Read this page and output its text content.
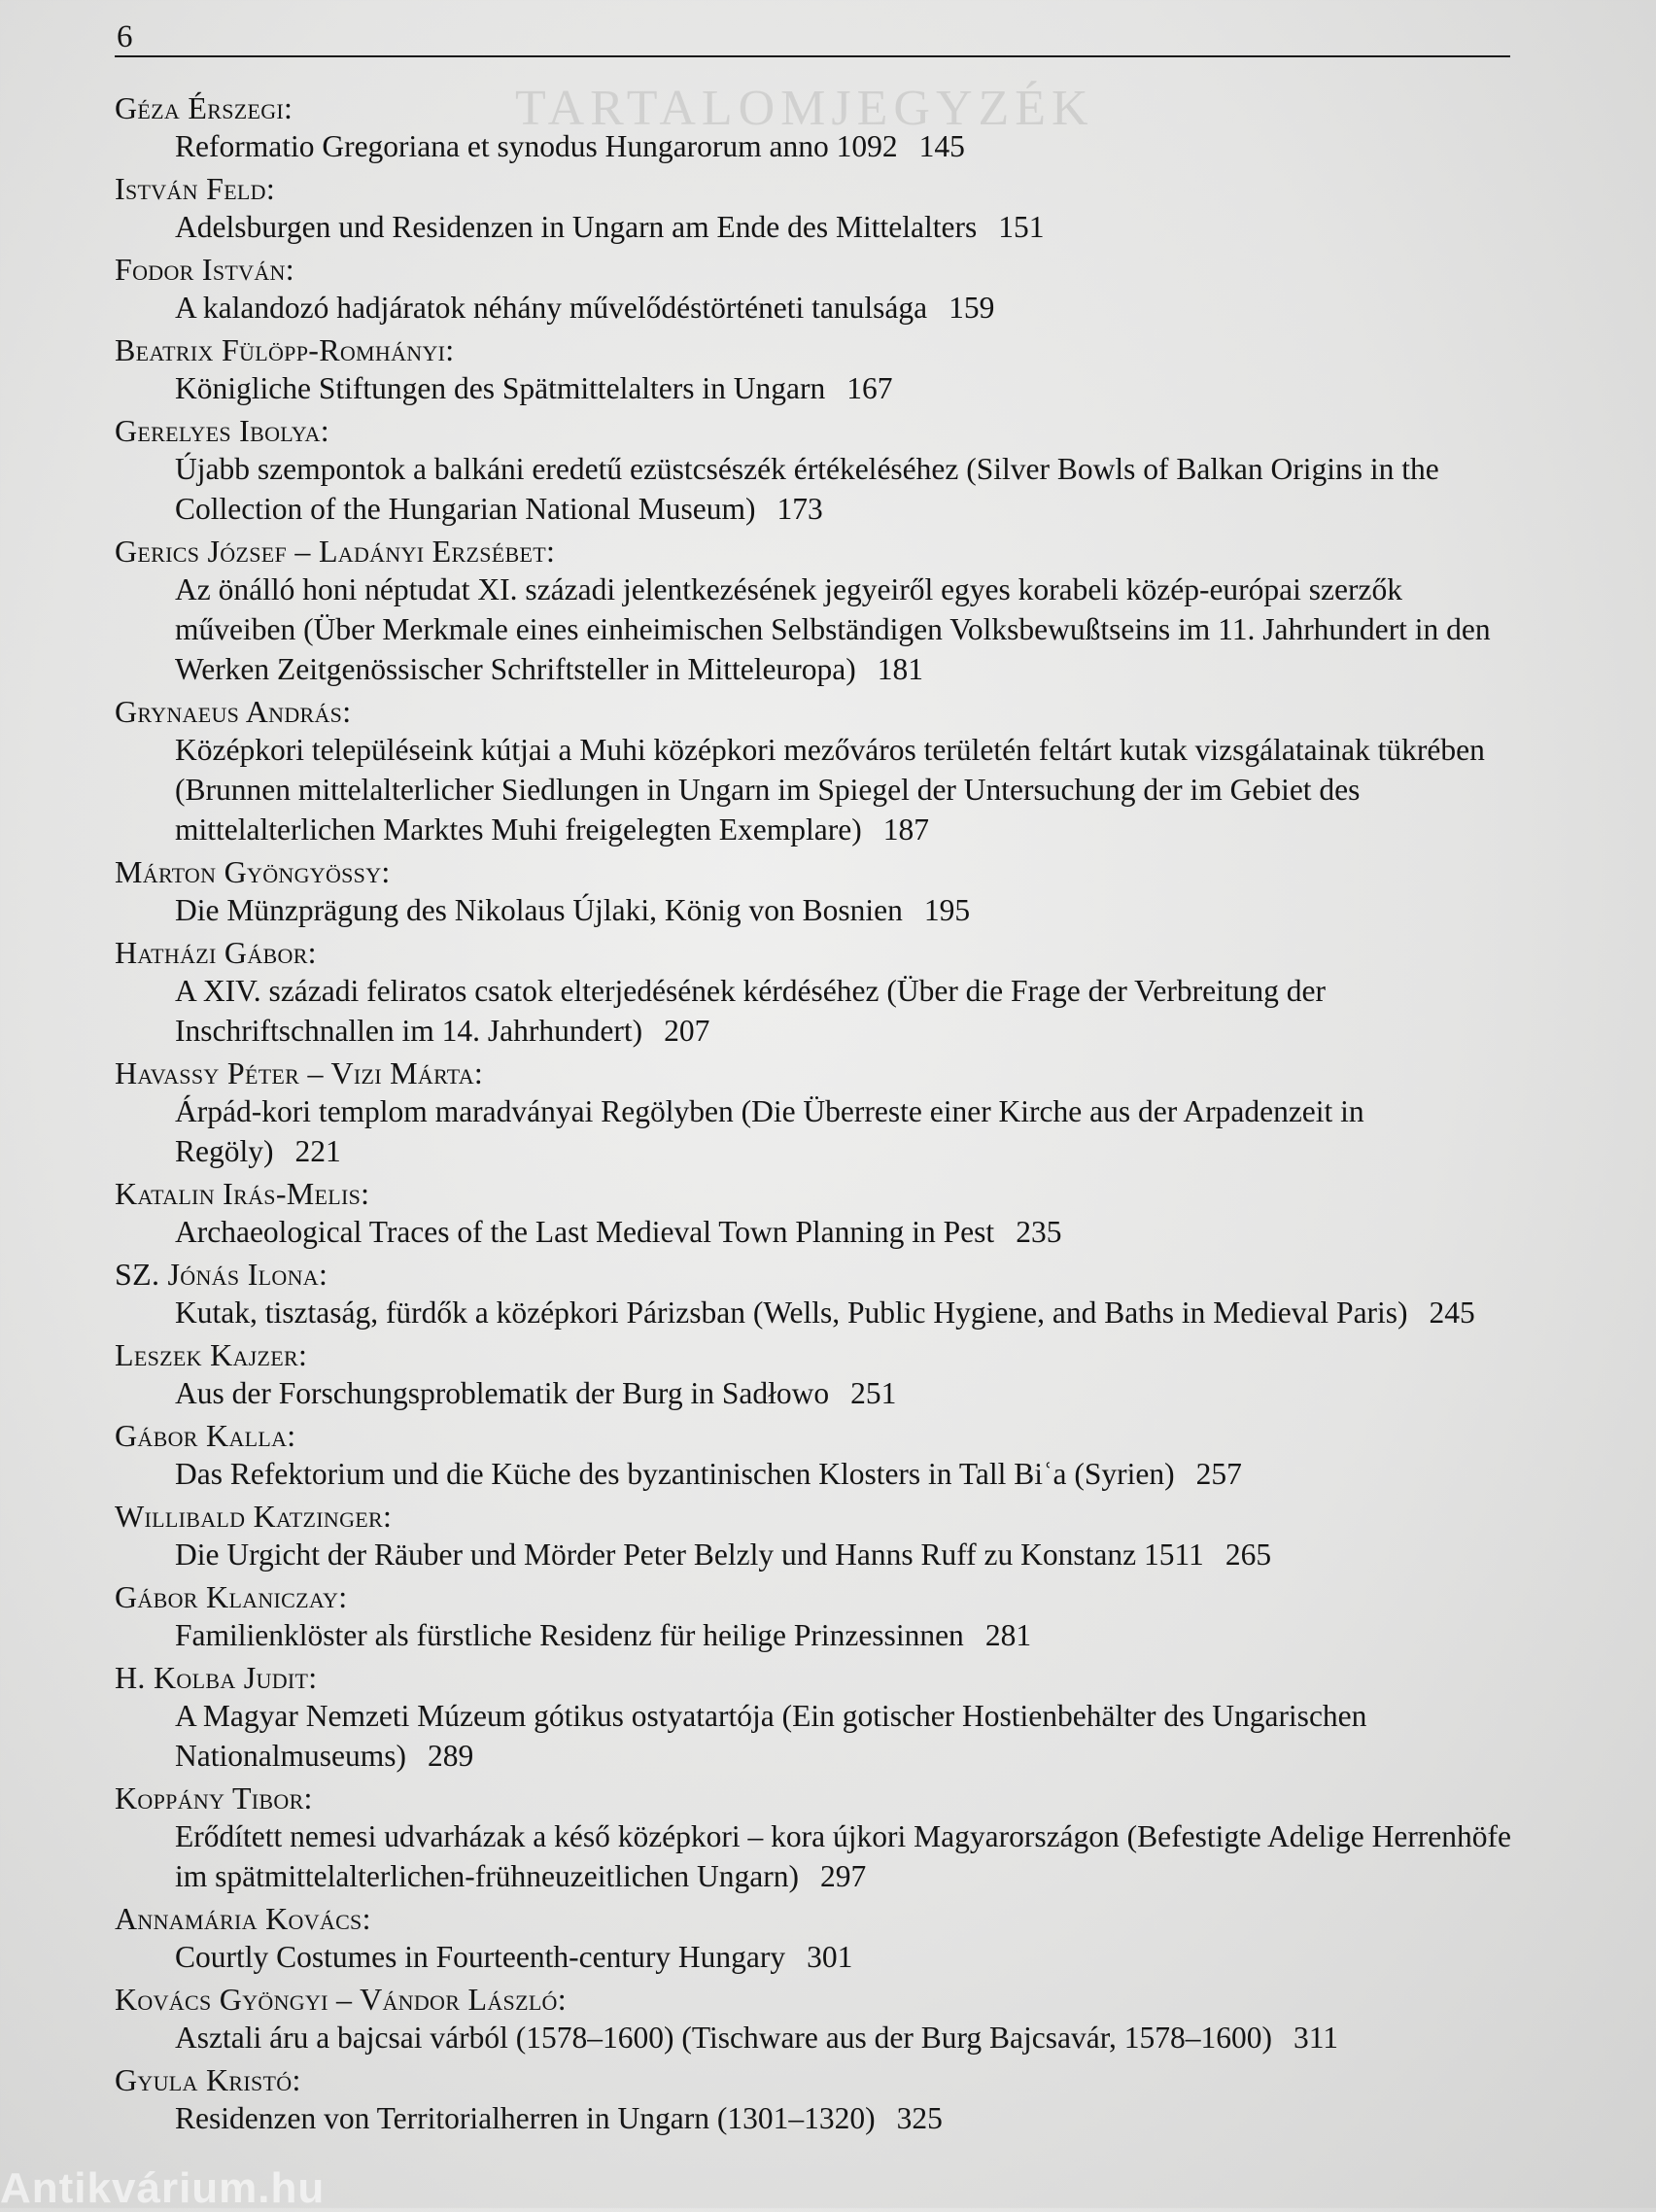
6
TARTALOMJEGYZÉK
Géza Érszegi:
Reformatio Gregoriana et synodus Hungarorum anno 1092 145
István Feld:
Adelsburgen und Residenzen in Ungarn am Ende des Mittelalters 151
Fodor István:
A kalandozó hadjáratok néhány művelődéstörténeti tanulsága 159
Beatrix Fülöpp-Romhányi:
Königliche Stiftungen des Spätmittelalters in Ungarn 167
Gerelyes Ibolya:
Újabb szempontok a balkáni eredetű ezüstcsészék értékeléséhez (Silver Bowls of Balkan Origins in the Collection of the Hungarian National Museum) 173
Gerics József – Ladányi Erzsébet:
Az önálló honi néptudat XI. századi jelentkezésének jegyeiről egyes korabeli közép-európai szerzők műveiben (Über Merkmale eines einheimischen Selbständigen Volksbewußtseins im 11. Jahrhundert in den Werken Zeitgenössischer Schriftsteller in Mitteleuropa) 181
Grynaeus András:
Középkori településeink kútjai a Muhi középkori mezőváros területén feltárt kutak vizsgálatainak tükrében (Brunnen mittelalterlicher Siedlungen in Ungarn im Spiegel der Untersuchung der im Gebiet des mittelalterlichen Marktes Muhi freigelegten Exemplare) 187
Márton Gyöngyössy:
Die Münzprägung des Nikolaus Újlaki, König von Bosnien 195
Hatházi Gábor:
A XIV. századi feliratos csatok elterjedésének kérdéséhez (Über die Frage der Verbreitung der Inschriftschnallen im 14. Jahrhundert) 207
Havassy Péter – Vizi Márta:
Árpád-kori templom maradványai Regölyben (Die Überreste einer Kirche aus der Arpadenzeit in Regöly) 221
Katalin Irás-Melis:
Archaeological Traces of the Last Medieval Town Planning in Pest 235
SZ. Jónás Ilona:
Kutak, tisztaság, fürdők a középkori Párizsban (Wells, Public Hygiene, and Baths in Medieval Paris) 245
Leszek Kajzer:
Aus der Forschungsproblematik der Burg in Sadłowo 251
Gábor Kalla:
Das Refektorium und die Küche des byzantinischen Klosters in Tall Biʿa (Syrien) 257
Willibald Katzinger:
Die Urgicht der Räuber und Mörder Peter Belzly und Hanns Ruff zu Konstanz 1511 265
Gábor Klaniczay:
Familienklöster als fürstliche Residenz für heilige Prinzessinnen 281
H. Kolba Judit:
A Magyar Nemzeti Múzeum gótikus ostyatartója (Ein gotischer Hostienbehälter des Ungarischen Nationalmuseums) 289
Koppány Tibor:
Erődített nemesi udvarházak a késő középkori – kora újkori Magyarországon (Befestigte Adelige Herrenhöfe im spätmittelalterlichen-frühneuzeitlichen Ungarn) 297
Annamária Kovács:
Courtly Costumes in Fourteenth-century Hungary 301
Kovács Gyöngyi – Vándor László:
Asztali áru a bajcsai várból (1578–1600) (Tischware aus der Burg Bajcsavár, 1578–1600) 311
Gyula Kristó:
Residenzen von Territorialherren in Ungarn (1301–1320) 325
Antikvárium.hu
